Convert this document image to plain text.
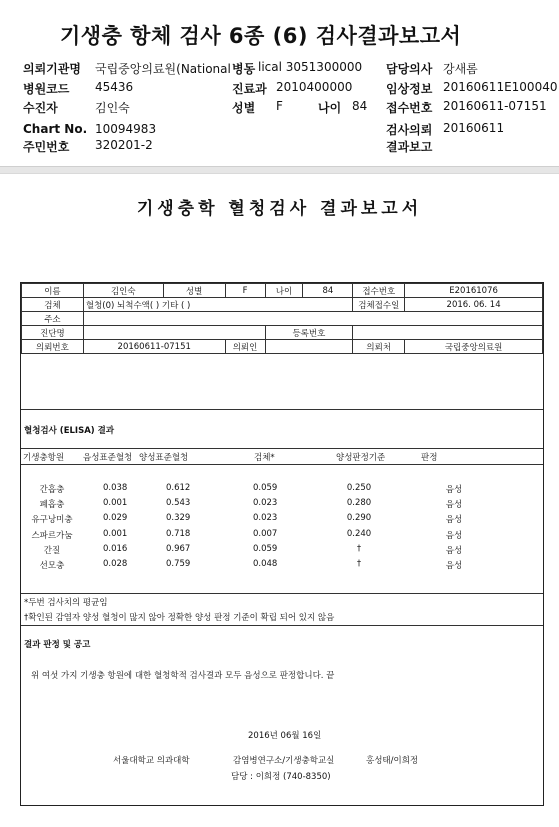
기생충 항체 검사 6종 (6) 검사결과보고서
의뢰기관명 국립중앙의료원(National 병동 lical 3051300000 담당의사 강새롬
병원코드 45436	진료과 2010400000	임상정보 20160611E100040
수진자	김인숙	성별 F	나이 84 접수번호 20160611-07151
Chart No. 10094983	검사의뢰 20160611
주민번호 320201-2	결과보고
기생충학 혈청검사 결과보고서
이름	김인숙	성별	F	나이	84	접수번호	E20161076
검체	혈청(0) 뇌척수액( ) 기타 ( )					검체접수일	2016. 06. 14
주소							
진단명				등록번호			
의뢰번호	20160611-07151		의뢰인			의뢰처	국립중앙의료원
혈청검사 (ELISA) 결과
기생충항원 음성표준혈청 양성표준혈청	검체*	양성판정기준	판정
간흡충	0.038	0.612	0.059	0.250	음성
폐흡충	0.001	0.543	0.023	0.280	음성
유구낭미충	0.029	0.329	0.023	0.290	음성
스파르가눔	0.001	0.718	0.007	0.240	음성
간질	0.016	0.967	0.059	†	음성
선모충	0.028	0.759	0.048	†	음성
*두번 검사치의 평균임
†확인된 감염자 양성 혈청이 많지 않아 정확한 양성 판정 기준이 확립 되어 있지 않음
결과 판정 및 공고
위 여섯 가지 기생충 항원에 대한 혈청학적 검사결과 모두 음성으로 판정합니다. 끝
2016년 06월 16일
서울대학교 의과대학	감염병연구소/기생충학교실	홍성태/이희정
담당 : 이희정 (740-8350)
